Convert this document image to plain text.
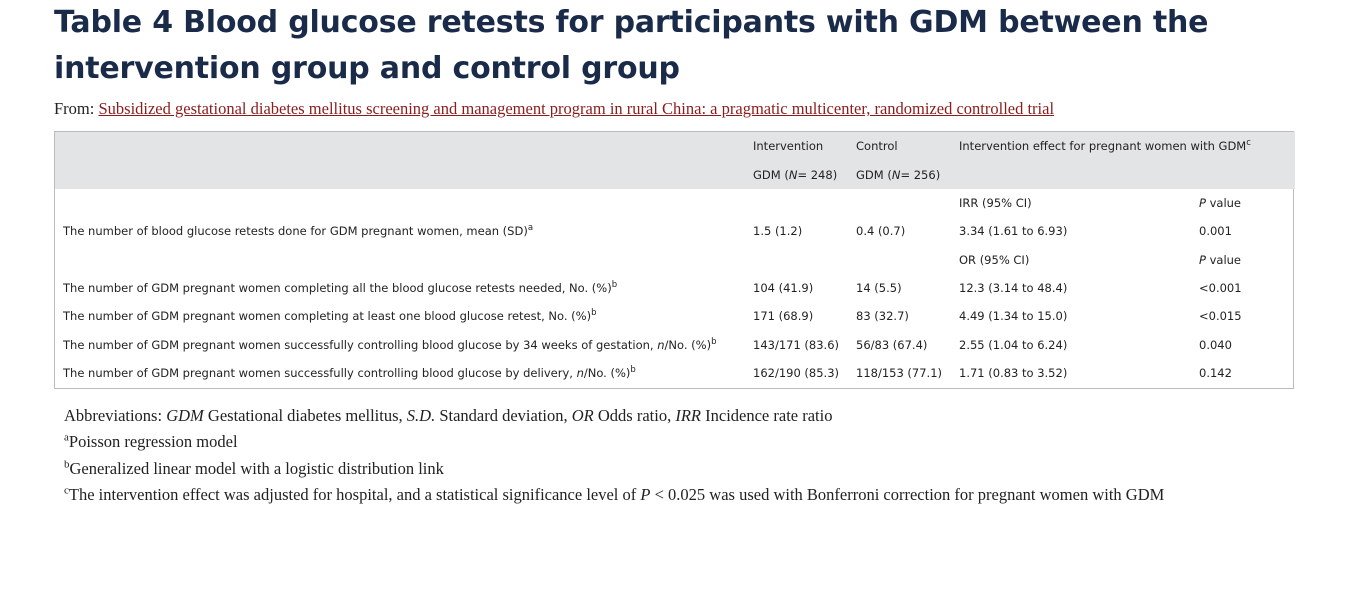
Table 4 Blood glucose retests for participants with GDM between the intervention group and control group
From: Subsidized gestational diabetes mellitus screening and management program in rural China: a pragmatic multicenter, randomized controlled trial
	Intervention	Control	Intervention effect for pregnant women with GDM$^c$
	GDM (N= 248)	GDM (N= 256)		
			IRR (95% CI)	P value
The number of blood glucose retests done for GDM pregnant women, mean (SD)$^a$	1.5 (1.2)	0.4 (0.7)	3.34 (1.61 to 6.93)	0.001
			OR (95% CI)	P value
The number of GDM pregnant women completing all the blood glucose retests needed, No. (%)$^b$	104 (41.9)	14 (5.5)	12.3 (3.14 to 48.4)	<0.001
The number of GDM pregnant women completing at least one blood glucose retest, No. (%)$^b$	171 (68.9)	83 (32.7)	4.49 (1.34 to 15.0)	<0.015
The number of GDM pregnant women successfully controlling blood glucose by 34 weeks of gestation, n/No. (%)$^b$	143/171 (83.6)	56/83 (67.4)	2.55 (1.04 to 6.24)	0.040
The number of GDM pregnant women successfully controlling blood glucose by delivery, n/No. (%)$^b$	162/190 (85.3)	118/153 (77.1)	1.71 (0.83 to 3.52)	0.142
Abbreviations: GDM Gestational diabetes mellitus, S.D. Standard deviation, OR Odds ratio, IRR Incidence rate ratio
$^a$Poisson regression model
$^b$Generalized linear model with a logistic distribution link
$^c$The intervention effect was adjusted for hospital, and a statistical significance level of P < 0.025 was used with Bonferroni correction for pregnant women with GDM
